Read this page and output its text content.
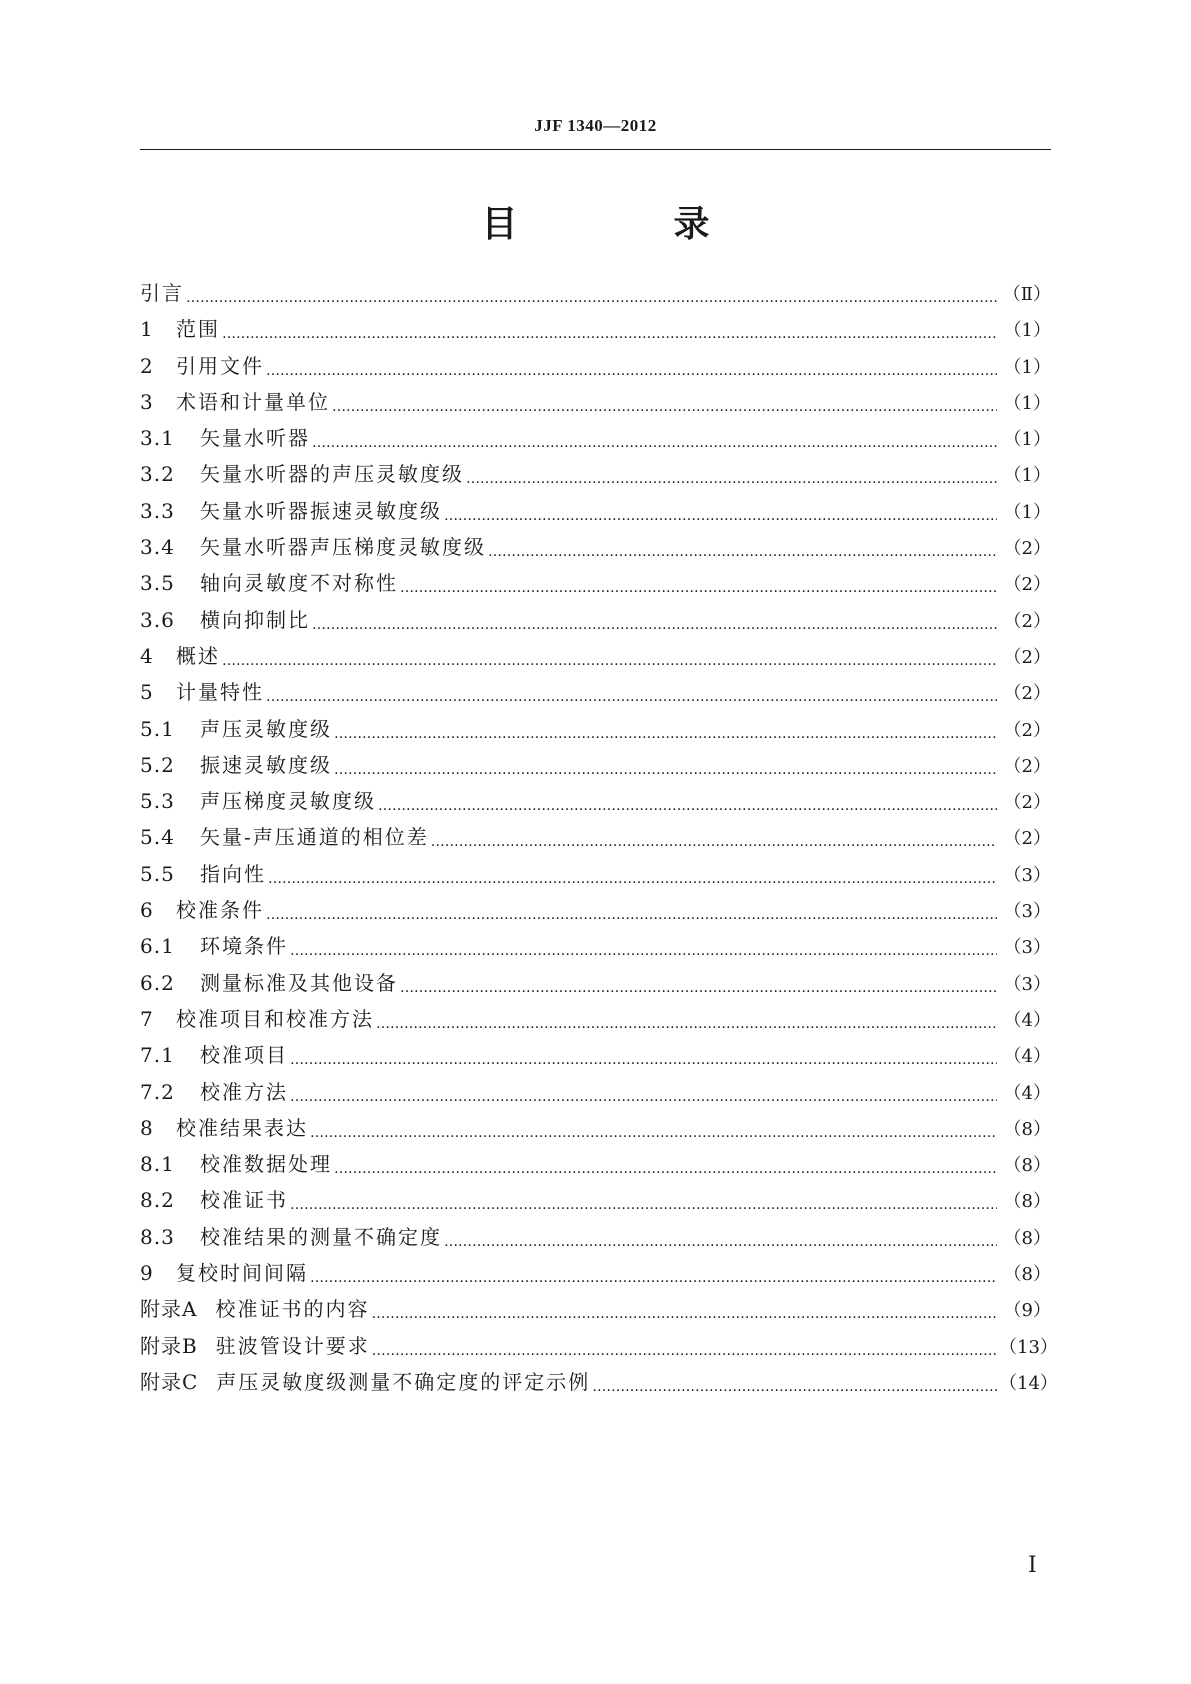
JJF 1340—2012
目　录
引言 …………………………………………………………………………………………………………………………………………………………………………………	（Ⅱ）
1	范围 …………………………………………………………………………………………………………………………………………………………………………………	（1）
2	引用文件 …………………………………………………………………………………………………………………………………………………………………………………	（1）
3	术语和计量单位 …………………………………………………………………………………………………………………………………………………………………………………	（1）
3.1	矢量水听器 …………………………………………………………………………………………………………………………………………………………………………………	（1）
3.2	矢量水听器的声压灵敏度级 …………………………………………………………………………………………………………………………………………………………………………………	（1）
3.3	矢量水听器振速灵敏度级 …………………………………………………………………………………………………………………………………………………………………………………	（1）
3.4	矢量水听器声压梯度灵敏度级 …………………………………………………………………………………………………………………………………………………………………………………	（2）
3.5	轴向灵敏度不对称性 …………………………………………………………………………………………………………………………………………………………………………………	（2）
3.6	横向抑制比 …………………………………………………………………………………………………………………………………………………………………………………	（2）
4	概述 …………………………………………………………………………………………………………………………………………………………………………………	（2）
5	计量特性 …………………………………………………………………………………………………………………………………………………………………………………	（2）
5.1	声压灵敏度级 …………………………………………………………………………………………………………………………………………………………………………………	（2）
5.2	振速灵敏度级 …………………………………………………………………………………………………………………………………………………………………………………	（2）
5.3	声压梯度灵敏度级 …………………………………………………………………………………………………………………………………………………………………………………	（2）
5.4	矢量-声压通道的相位差 …………………………………………………………………………………………………………………………………………………………………………………	（2）
5.5	指向性 …………………………………………………………………………………………………………………………………………………………………………………	（3）
6	校准条件 …………………………………………………………………………………………………………………………………………………………………………………	（3）
6.1	环境条件 …………………………………………………………………………………………………………………………………………………………………………………	（3）
6.2	测量标准及其他设备 …………………………………………………………………………………………………………………………………………………………………………………	（3）
7	校准项目和校准方法 …………………………………………………………………………………………………………………………………………………………………………………	（4）
7.1	校准项目 …………………………………………………………………………………………………………………………………………………………………………………	（4）
7.2	校准方法 …………………………………………………………………………………………………………………………………………………………………………………	（4）
8	校准结果表达 …………………………………………………………………………………………………………………………………………………………………………………	（8）
8.1	校准数据处理 …………………………………………………………………………………………………………………………………………………………………………………	（8）
8.2	校准证书 …………………………………………………………………………………………………………………………………………………………………………………	（8）
8.3	校准结果的测量不确定度 …………………………………………………………………………………………………………………………………………………………………………………	（8）
9	复校时间间隔 …………………………………………………………………………………………………………………………………………………………………………………	（8）
附录A 校准证书的内容 …………………………………………………………………………………………………………………………………………………………………………………	（9）
附录B 驻波管设计要求 …………………………………………………………………………………………………………………………………………………………………………………	（13）
附录C 声压灵敏度级测量不确定度的评定示例 …………………………………………………………………………………………………………………………………………………………………………………	（14）
Ⅰ
